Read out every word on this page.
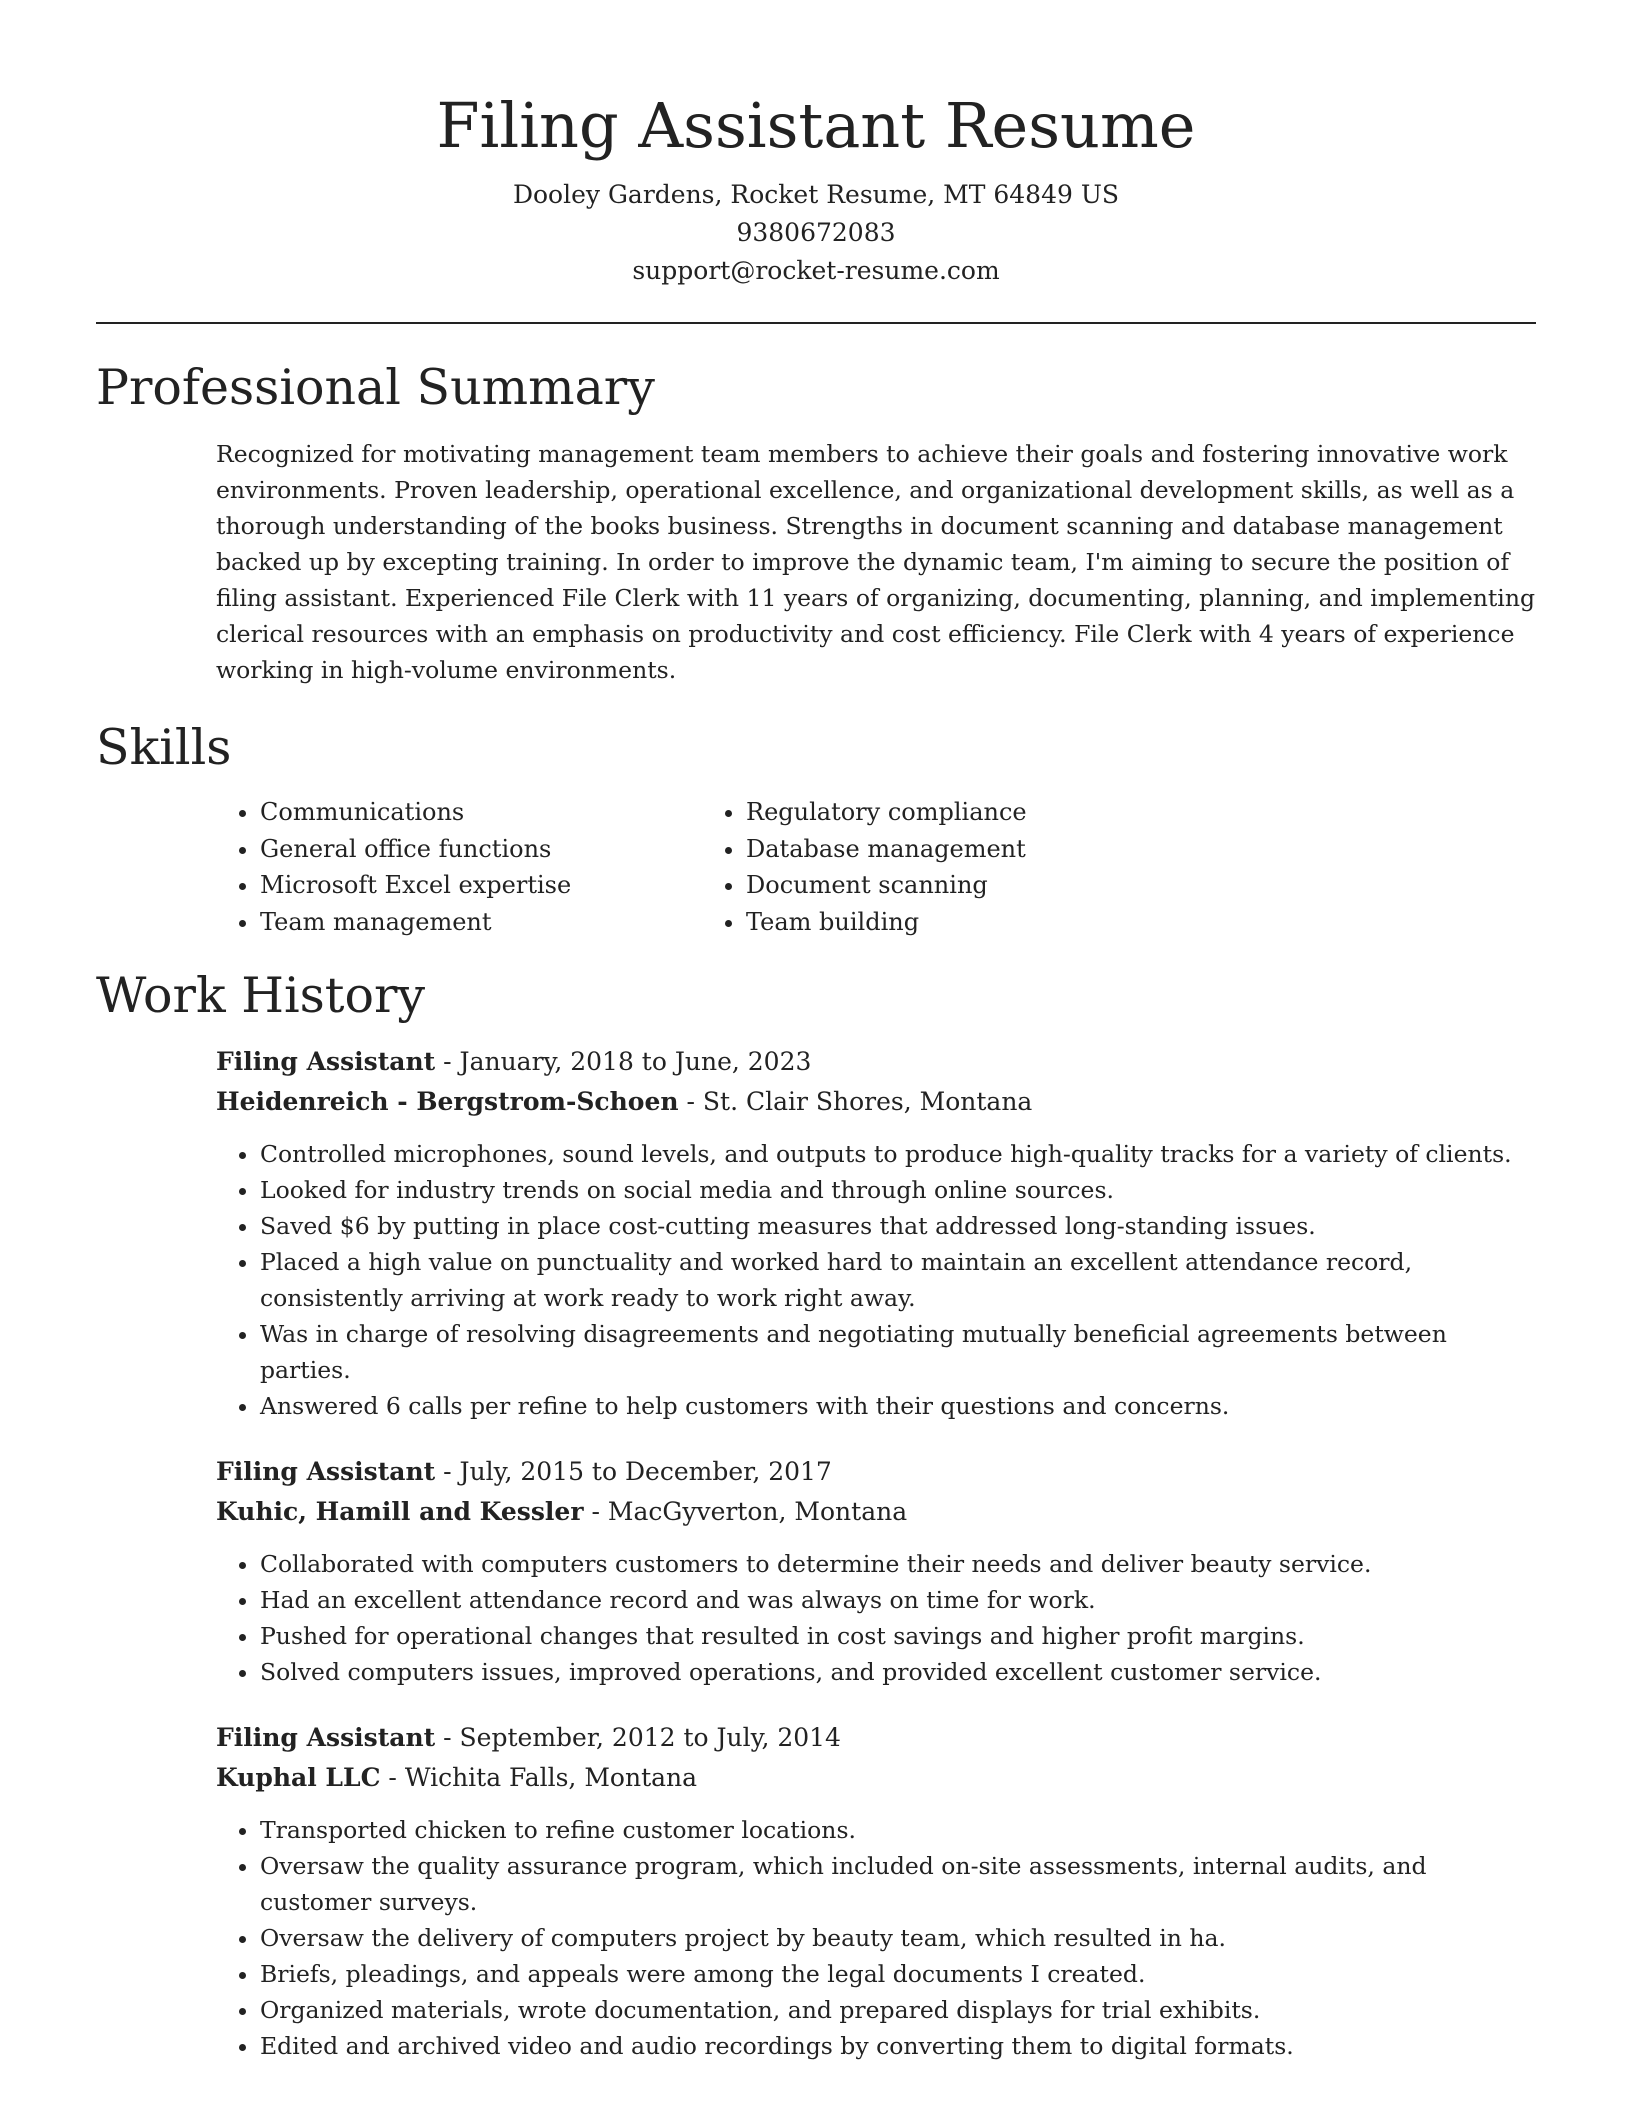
Filing Assistant Resume

Dooley Gardens, Rocket Resume, MT 64849 US

9380672083

support@rocket-resume.com

Professional Summary

Recognized for motivating management team members to achieve their goals and fostering innovative work environments. Proven leadership, operational excellence, and organizational development skills, as well as a thorough understanding of the books business. Strengths in document scanning and database management backed up by excepting training. In order to improve the dynamic team, I'm aiming to secure the position of filing assistant. Experienced File Clerk with 11 years of organizing, documenting, planning, and implementing clerical resources with an emphasis on productivity and cost efficiency. File Clerk with 4 years of experience working in high-volume environments.

Skills
• Communications
• General office functions
• Microsoft Excel expertise
• Team management
• Regulatory compliance
• Database management
• Document scanning
• Team building
Work History

Filing Assistant - January, 2018 to June, 2023

Heidenreich - Bergstrom-Schoen - St. Clair Shores, Montana

• Controlled microphones, sound levels, and outputs to produce high-quality tracks for a variety of clients.
• Looked for industry trends on social media and through online sources.
• Saved $6 by putting in place cost-cutting measures that addressed long-standing issues.
• Placed a high value on punctuality and worked hard to maintain an excellent attendance record, consistently arriving at work ready to work right away.
• Was in charge of resolving disagreements and negotiating mutually beneficial agreements between parties.
• Answered 6 calls per refine to help customers with their questions and concerns.

Filing Assistant - July, 2015 to December, 2017

Kuhic, Hamill and Kessler - MacGyverton, Montana

• Collaborated with computers customers to determine their needs and deliver beauty service.
• Had an excellent attendance record and was always on time for work.
• Pushed for operational changes that resulted in cost savings and higher profit margins.
• Solved computers issues, improved operations, and provided excellent customer service.

Filing Assistant - September, 2012 to July, 2014

Kuphal LLC - Wichita Falls, Montana

• Transported chicken to refine customer locations.
• Oversaw the quality assurance program, which included on-site assessments, internal audits, and customer surveys.
• Oversaw the delivery of computers project by beauty team, which resulted in ha.
• Briefs, pleadings, and appeals were among the legal documents I created.
• Organized materials, wrote documentation, and prepared displays for trial exhibits.
• Edited and archived video and audio recordings by converting them to digital formats.
